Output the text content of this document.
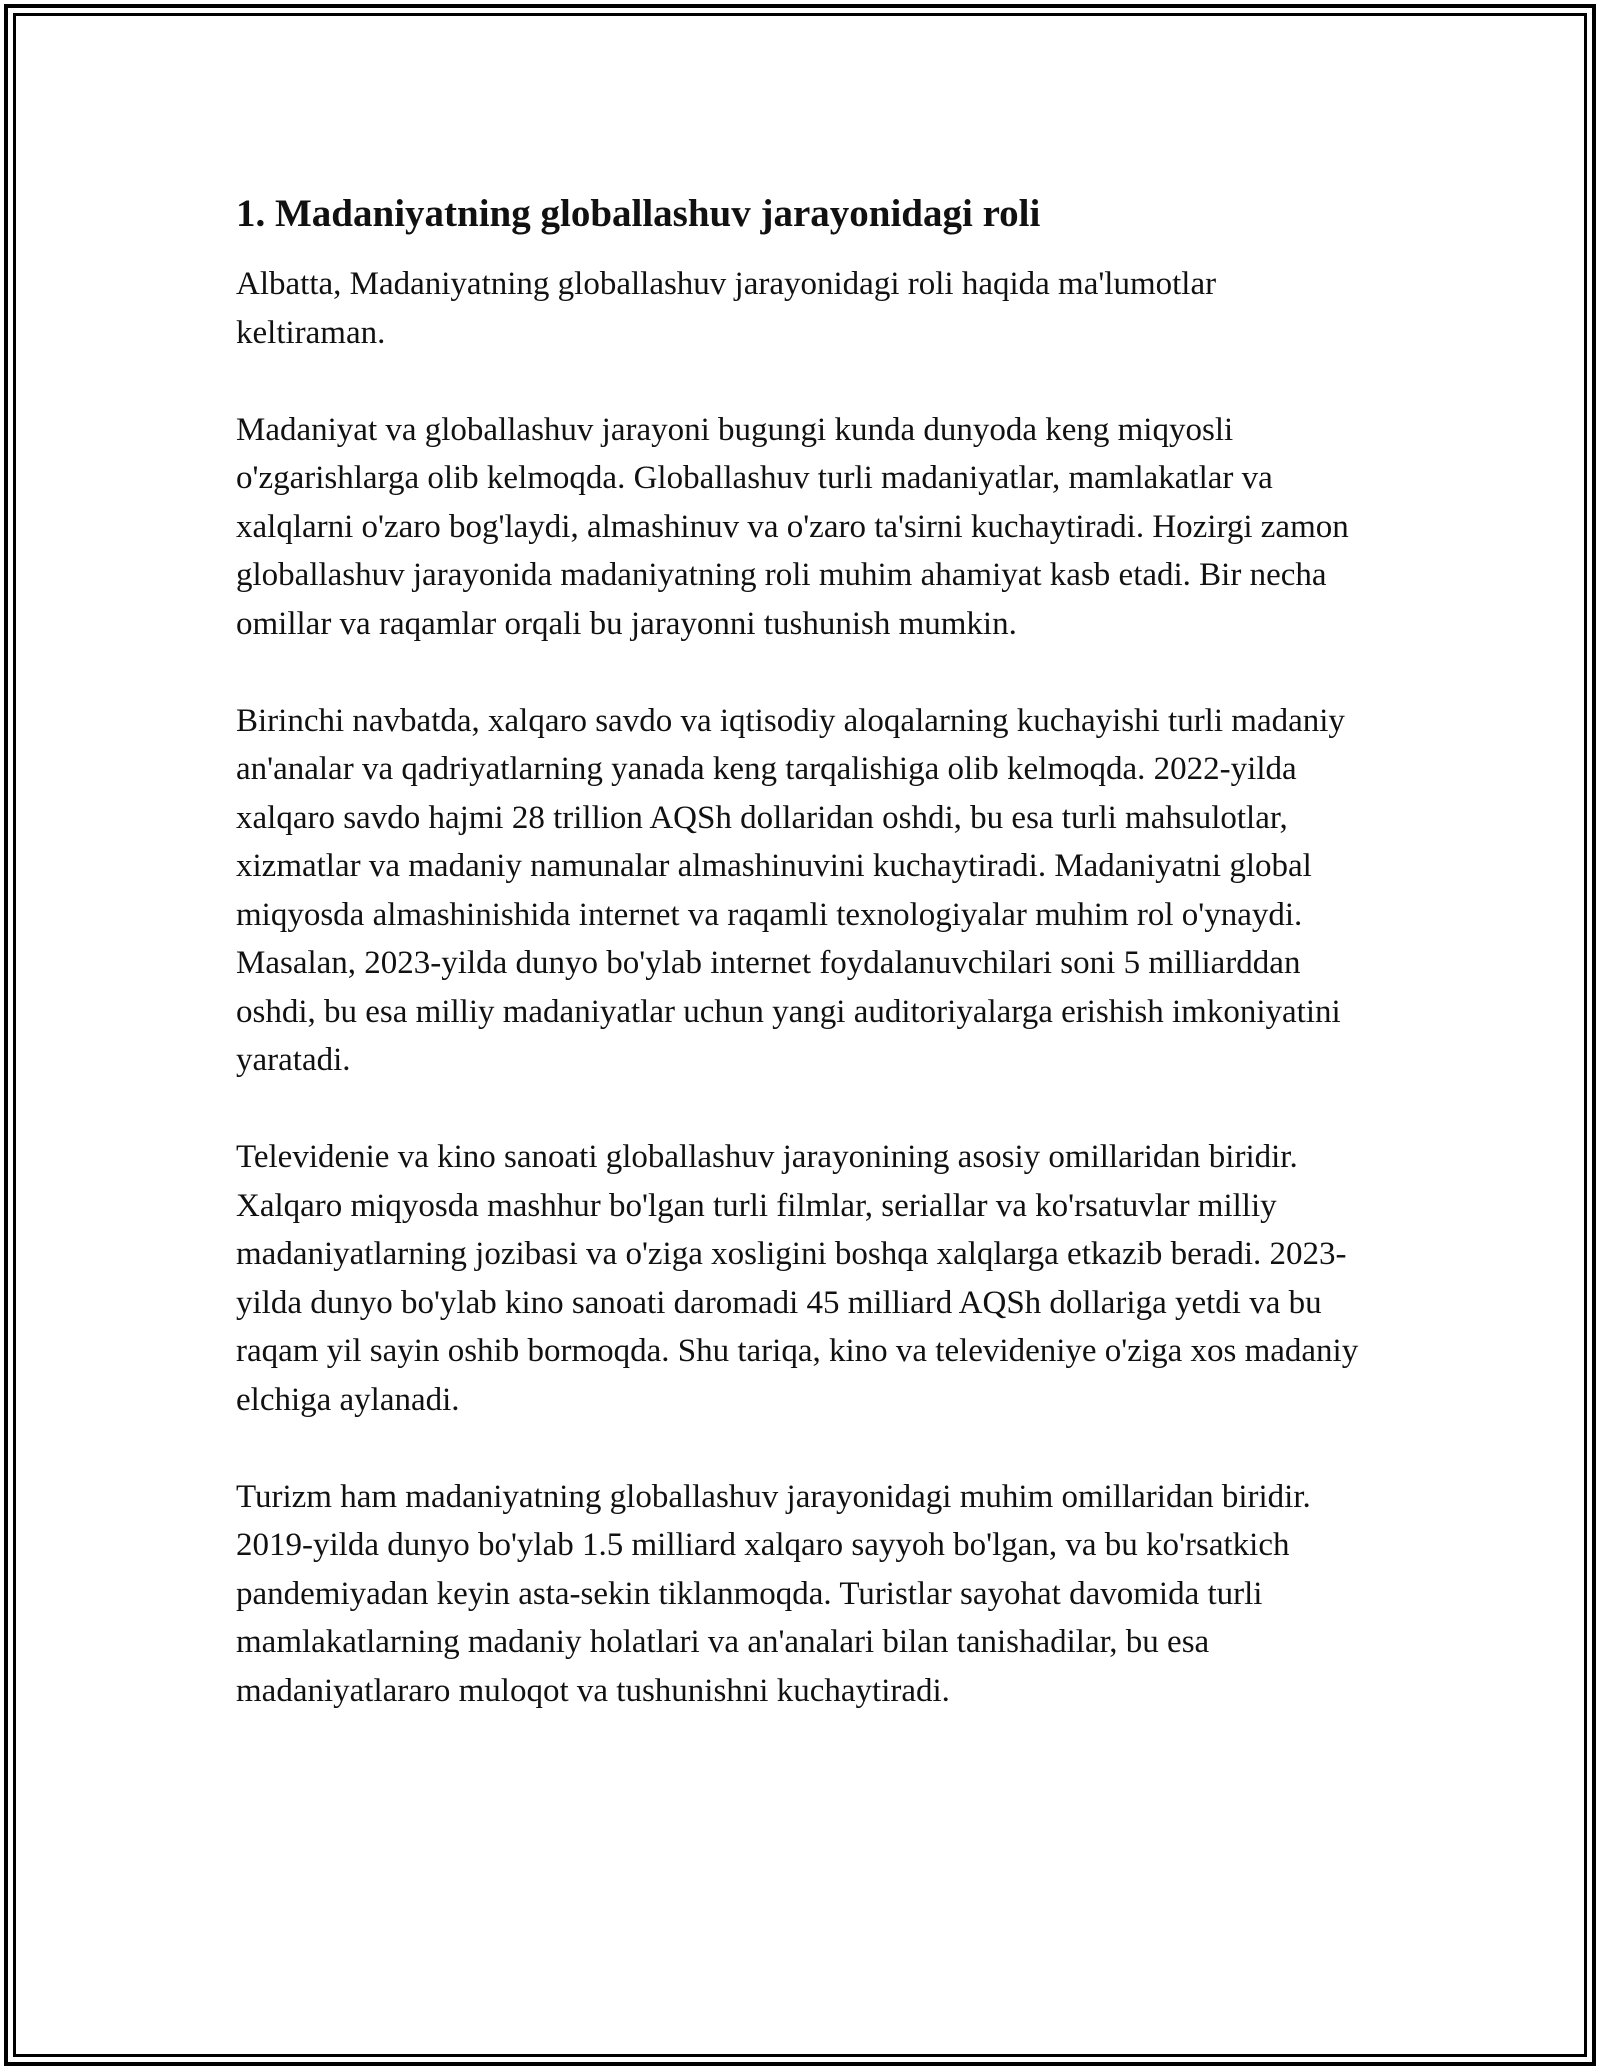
1. Madaniyatning globallashuv jarayonidagi roli

Albatta, Madaniyatning globallashuv jarayonidagi roli haqida ma'lumotlar keltiraman.

Madaniyat va globallashuv jarayoni bugungi kunda dunyoda keng miqyosli o'zgarishlarga olib kelmoqda. Globallashuv turli madaniyatlar, mamlakatlar va xalqlarni o'zaro bog'laydi, almashinuv va o'zaro ta'sirni kuchaytiradi. Hozirgi zamon globallashuv jarayonida madaniyatning roli muhim ahamiyat kasb etadi. Bir necha omillar va raqamlar orqali bu jarayonni tushunish mumkin.

Birinchi navbatda, xalqaro savdo va iqtisodiy aloqalarning kuchayishi turli madaniy an'analar va qadriyatlarning yanada keng tarqalishiga olib kelmoqda. 2022-yilda xalqaro savdo hajmi 28 trillion AQSh dollaridan oshdi, bu esa turli mahsulotlar, xizmatlar va madaniy namunalar almashinuvini kuchaytiradi. Madaniyatni global miqyosda almashinishida internet va raqamli texnologiyalar muhim rol o'ynaydi. Masalan, 2023-yilda dunyo bo'ylab internet foydalanuvchilari soni 5 milliarddan oshdi, bu esa milliy madaniyatlar uchun yangi auditoriyalarga erishish imkoniyatini yaratadi.

Televidenie va kino sanoati globallashuv jarayonining asosiy omillaridan biridir. Xalqaro miqyosda mashhur bo'lgan turli filmlar, seriallar va ko'rsatuvlar milliy madaniyatlarning jozibasi va o'ziga xosligini boshqa xalqlarga etkazib beradi. 2023-yilda dunyo bo'ylab kino sanoati daromadi 45 milliard AQSh dollariga yetdi va bu raqam yil sayin oshib bormoqda. Shu tariqa, kino va televideniye o'ziga xos madaniy elchiga aylanadi.

Turizm ham madaniyatning globallashuv jarayonidagi muhim omillaridan biridir. 2019-yilda dunyo bo'ylab 1.5 milliard xalqaro sayyoh bo'lgan, va bu ko'rsatkich pandemiyadan keyin asta-sekin tiklanmoqda. Turistlar sayohat davomida turli mamlakatlarning madaniy holatlari va an'analari bilan tanishadilar, bu esa madaniyatlararo muloqot va tushunishni kuchaytiradi.
